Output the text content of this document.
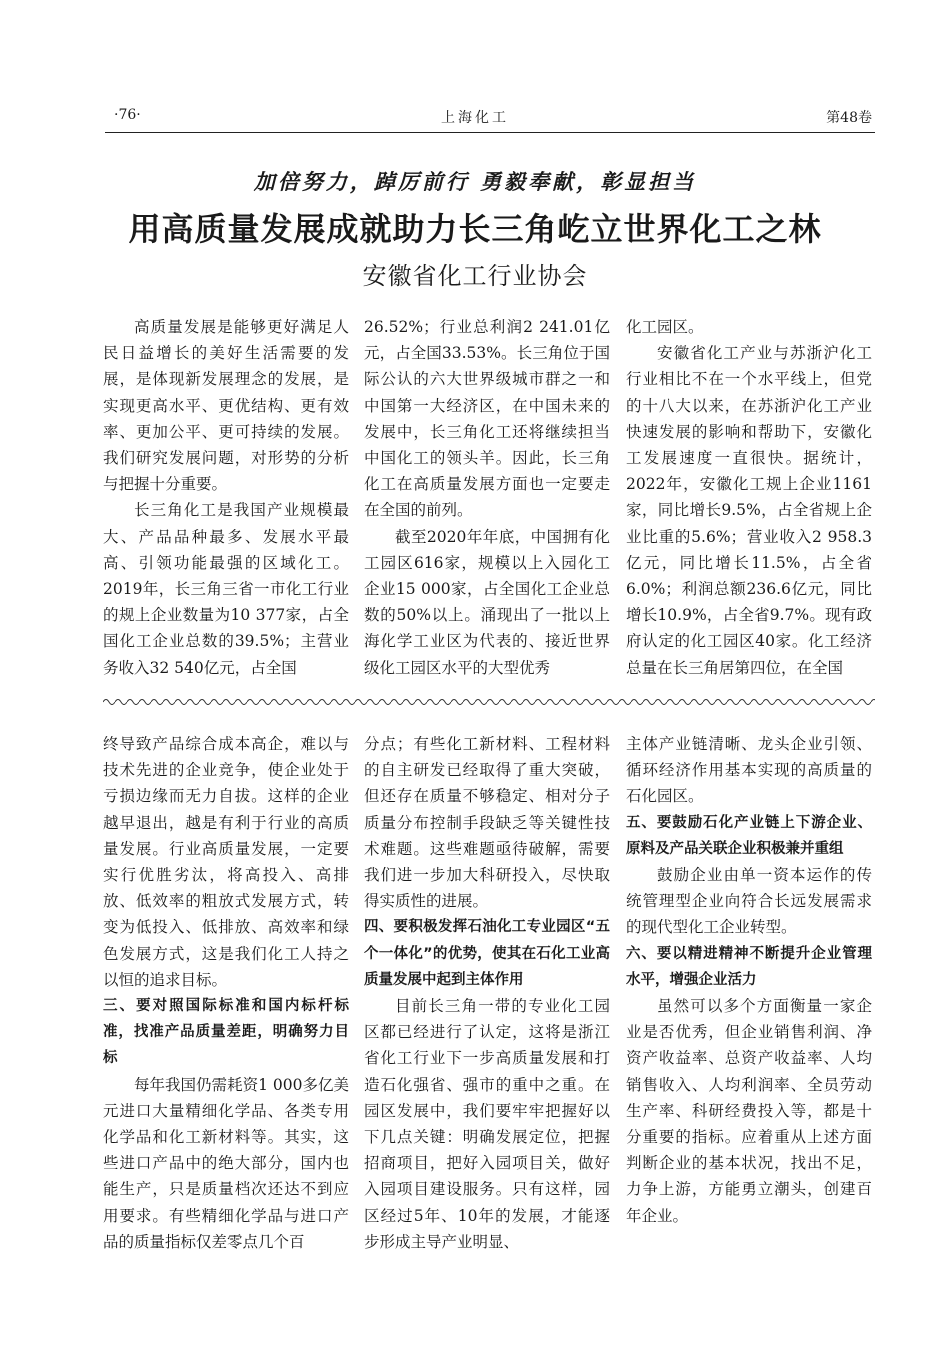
·76·	上海化工	第48卷
加倍努力，踔厉前行 勇毅奉献，彰显担当
用高质量发展成就助力长三角屹立世界化工之林
安徽省化工行业协会

高质量发展是能够更好满足人民日益增长的美好生活需要的发展，是体现新发展理念的发展，是实现更高水平、更优结构、更有效率、更加公平、更可持续的发展。我们研究发展问题，对形势的分析与把握十分重要。

长三角化工是我国产业规模最大、产品品种最多、发展水平最高、引领功能最强的区域化工。2019年，长三角三省一市化工行业的规上企业数量为10 377家，占全国化工企业总数的39.5%；主营业务收入32 540亿元，占全国

26.52%；行业总利润2 241.01亿元，占全国33.53%。长三角位于国际公认的六大世界级城市群之一和中国第一大经济区，在中国未来的发展中，长三角化工还将继续担当中国化工的领头羊。因此，长三角化工在高质量发展方面也一定要走在全国的前列。

截至2020年年底，中国拥有化工园区616家，规模以上入园化工企业15 000家，占全国化工企业总数的50%以上。涌现出了一批以上海化学工业区为代表的、接近世界级化工园区水平的大型优秀

化工园区。

安徽省化工产业与苏浙沪化工行业相比不在一个水平线上，但党的十八大以来，在苏浙沪化工产业快速发展的影响和帮助下，安徽化工发展速度一直很快。据统计，2022年，安徽化工规上企业1161家，同比增长9.5%，占全省规上企业比重的5.6%；营业收入2 958.3亿元，同比增长11.5%，占全省6.0%；利润总额236.6亿元，同比增长10.9%，占全省9.7%。现有政府认定的化工园区40家。化工经济总量在长三角居第四位，在全国

终导致产品综合成本高企，难以与技术先进的企业竞争，使企业处于亏损边缘而无力自拔。这样的企业越早退出，越是有利于行业的高质量发展。行业高质量发展，一定要实行优胜劣汰，将高投入、高排放、低效率的粗放式发展方式，转变为低投入、低排放、高效率和绿色发展方式，这是我们化工人持之以恒的追求目标。

三、要对照国际标准和国内标杆标准，找准产品质量差距，明确努力目标

每年我国仍需耗资1 000多亿美元进口大量精细化学品、各类专用化学品和化工新材料等。其实，这些进口产品中的绝大部分，国内也能生产，只是质量档次还达不到应用要求。有些精细化学品与进口产品的质量指标仅差零点几个百

分点；有些化工新材料、工程材料的自主研发已经取得了重大突破，但还存在质量不够稳定、相对分子质量分布控制手段缺乏等关键性技术难题。这些难题亟待破解，需要我们进一步加大科研投入，尽快取得实质性的进展。

四、要积极发挥石油化工专业园区“五个一体化”的优势，使其在石化工业高质量发展中起到主体作用

目前长三角一带的专业化工园区都已经进行了认定，这将是浙江省化工行业下一步高质量发展和打造石化强省、强市的重中之重。在园区发展中，我们要牢牢把握好以下几点关键：明确发展定位，把握招商项目，把好入园项目关，做好入园项目建设服务。只有这样，园区经过5年、10年的发展，才能逐步形成主导产业明显、

主体产业链清晰、龙头企业引领、循环经济作用基本实现的高质量的石化园区。

五、要鼓励石化产业链上下游企业、原料及产品关联企业积极兼并重组

鼓励企业由单一资本运作的传统管理型企业向符合长远发展需求的现代型化工企业转型。

六、要以精进精神不断提升企业管理水平，增强企业活力

虽然可以多个方面衡量一家企业是否优秀，但企业销售利润、净资产收益率、总资产收益率、人均销售收入、人均利润率、全员劳动生产率、科研经费投入等，都是十分重要的指标。应着重从上述方面判断企业的基本状况，找出不足，力争上游，方能勇立潮头，创建百年企业。
